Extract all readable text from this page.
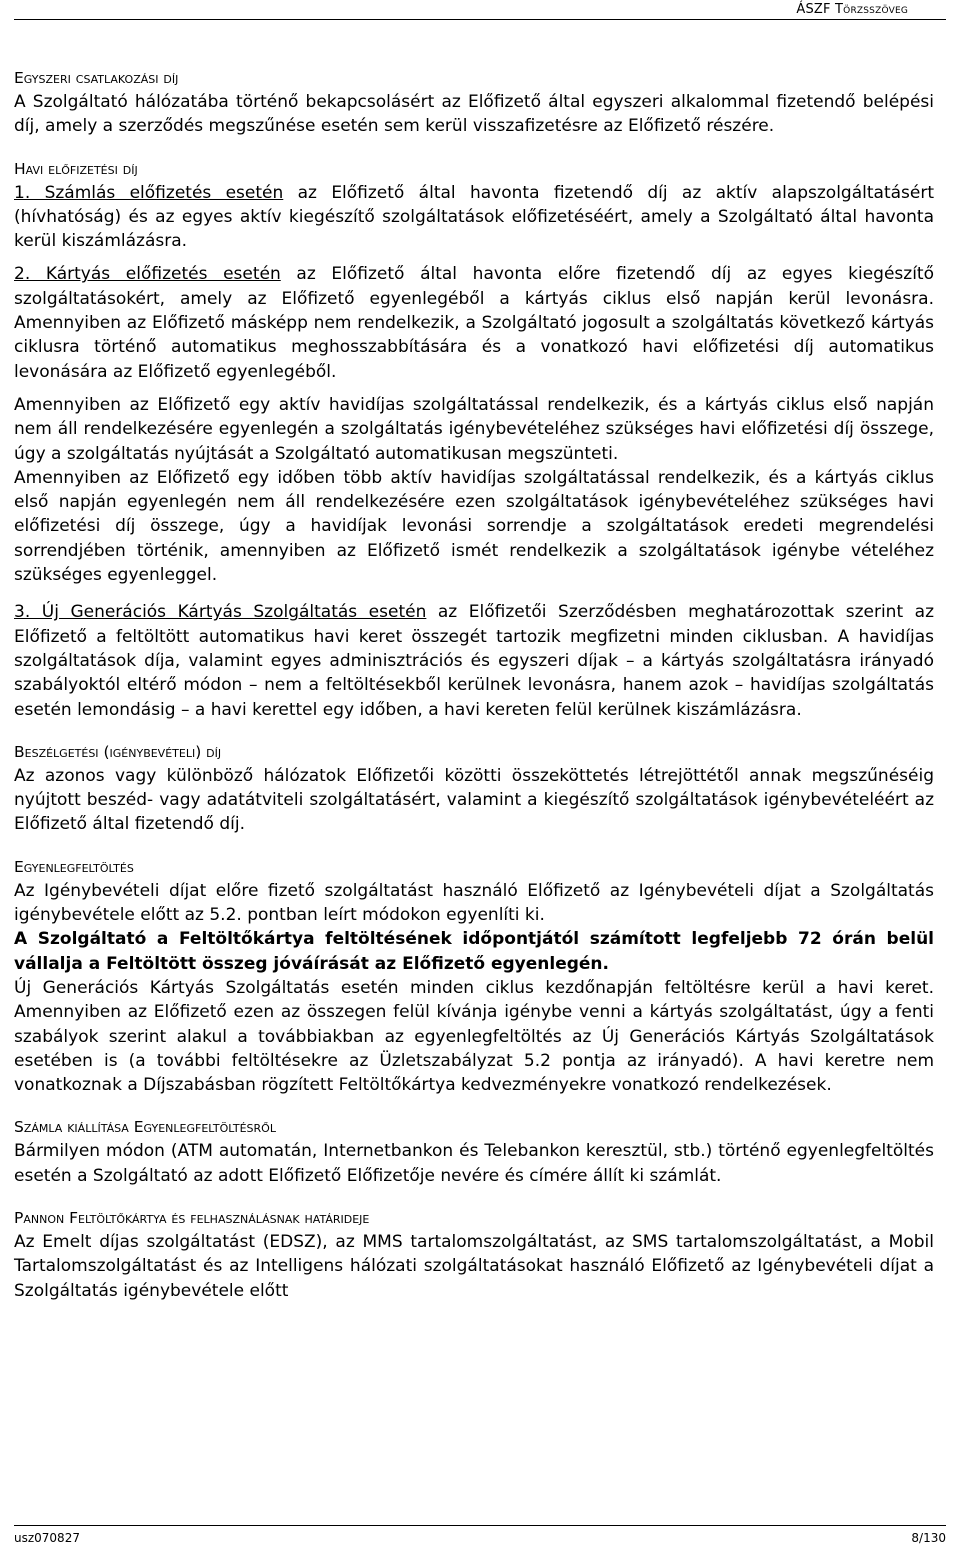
ÁSZF Törzsszöveg

Egyszeri csatlakozási díj

A Szolgáltató hálózatába történő bekapcsolásért az Előfizető által egyszeri alkalommal fizetendő belépési díj, amely a szerződés megszűnése esetén sem kerül visszafizetésre az Előfizető részére.

Havi előfizetési díj

1. Számlás előfizetés esetén az Előfizető által havonta fizetendő díj az aktív alapszolgáltatásért (hívhatóság) és az egyes aktív kiegészítő szolgáltatások előfizetéséért, amely a Szolgáltató által havonta kerül kiszámlázásra.

2. Kártyás előfizetés esetén az Előfizető által havonta előre fizetendő díj az egyes kiegészítő szolgáltatásokért, amely az Előfizető egyenlegéből a kártyás ciklus első napján kerül levonásra. Amennyiben az Előfizető másképp nem rendelkezik, a Szolgáltató jogosult a szolgáltatás következő kártyás ciklusra történő automatikus meghosszabbítására és a vonatkozó havi előfizetési díj automatikus levonására az Előfizető egyenlegéből.

Amennyiben az Előfizető egy aktív havidíjas szolgáltatással rendelkezik, és a kártyás ciklus első napján nem áll rendelkezésére egyenlegén a szolgáltatás igénybevételéhez szükséges havi előfizetési díj összege, úgy a szolgáltatás nyújtását a Szolgáltató automatikusan megszünteti.

Amennyiben az Előfizető egy időben több aktív havidíjas szolgáltatással rendelkezik, és a kártyás ciklus első napján egyenlegén nem áll rendelkezésére ezen szolgáltatások igénybevételéhez szükséges havi előfizetési díj összege, úgy a havidíjak levonási sorrendje a szolgáltatások eredeti megrendelési sorrendjében történik, amennyiben az Előfizető ismét rendelkezik a szolgáltatások igénybe vételéhez szükséges egyenleggel.

3. Új Generációs Kártyás Szolgáltatás esetén az Előfizetői Szerződésben meghatározottak szerint az Előfizető a feltöltött automatikus havi keret összegét tartozik megfizetni minden ciklusban. A havidíjas szolgáltatások díja, valamint egyes adminisztrációs és egyszeri díjak – a kártyás szolgáltatásra irányadó szabályoktól eltérő módon – nem a feltöltésekből kerülnek levonásra, hanem azok – havidíjas szolgáltatás esetén lemondásig – a havi kerettel egy időben, a havi kereten felül kerülnek kiszámlázásra.

Beszélgetési (igénybevételi) díj

Az azonos vagy különböző hálózatok Előfizetői közötti összeköttetés létrejöttétől annak megszűnéséig nyújtott beszéd- vagy adatátviteli szolgáltatásért, valamint a kiegészítő szolgáltatások igénybevételéért az Előfizető által fizetendő díj.

Egyenlegfeltöltés

Az Igénybevételi díjat előre fizető szolgáltatást használó Előfizető az Igénybevételi díjat a Szolgáltatás igénybevétele előtt az 5.2. pontban leírt módokon egyenlíti ki.

A Szolgáltató a Feltöltőkártya feltöltésének időpontjától számított legfeljebb 72 órán belül vállalja a Feltöltött összeg jóváírását az Előfizető egyenlegén.

Új Generációs Kártyás Szolgáltatás esetén minden ciklus kezdőnapján feltöltésre kerül a havi keret. Amennyiben az Előfizető ezen az összegen felül kívánja igénybe venni a kártyás szolgáltatást, úgy a fenti szabályok szerint alakul a továbbiakban az egyenlegfeltöltés az Új Generációs Kártyás Szolgáltatások esetében is (a további feltöltésekre az Üzletszabályzat 5.2 pontja az irányadó). A havi keretre nem vonatkoznak a Díjszabásban rögzített Feltöltőkártya kedvezményekre vonatkozó rendelkezések.

Számla kiállítása Egyenlegfeltöltésről

Bármilyen módon (ATM automatán, Internetbankon és Telebankon keresztül, stb.) történő egyenlegfeltöltés esetén a Szolgáltató az adott Előfizető Előfizetője nevére és címére állít ki számlát.

Pannon Feltöltőkártya és felhasználásnak határideje

Az Emelt díjas szolgáltatást (EDSZ), az MMS tartalomszolgáltatást, az SMS tartalomszolgáltatást, a Mobil Tartalomszolgáltatást és az Intelligens hálózati szolgáltatásokat használó Előfizető az Igénybevételi díjat a Szolgáltatás igénybevétele előtt

usz070827	8/130
